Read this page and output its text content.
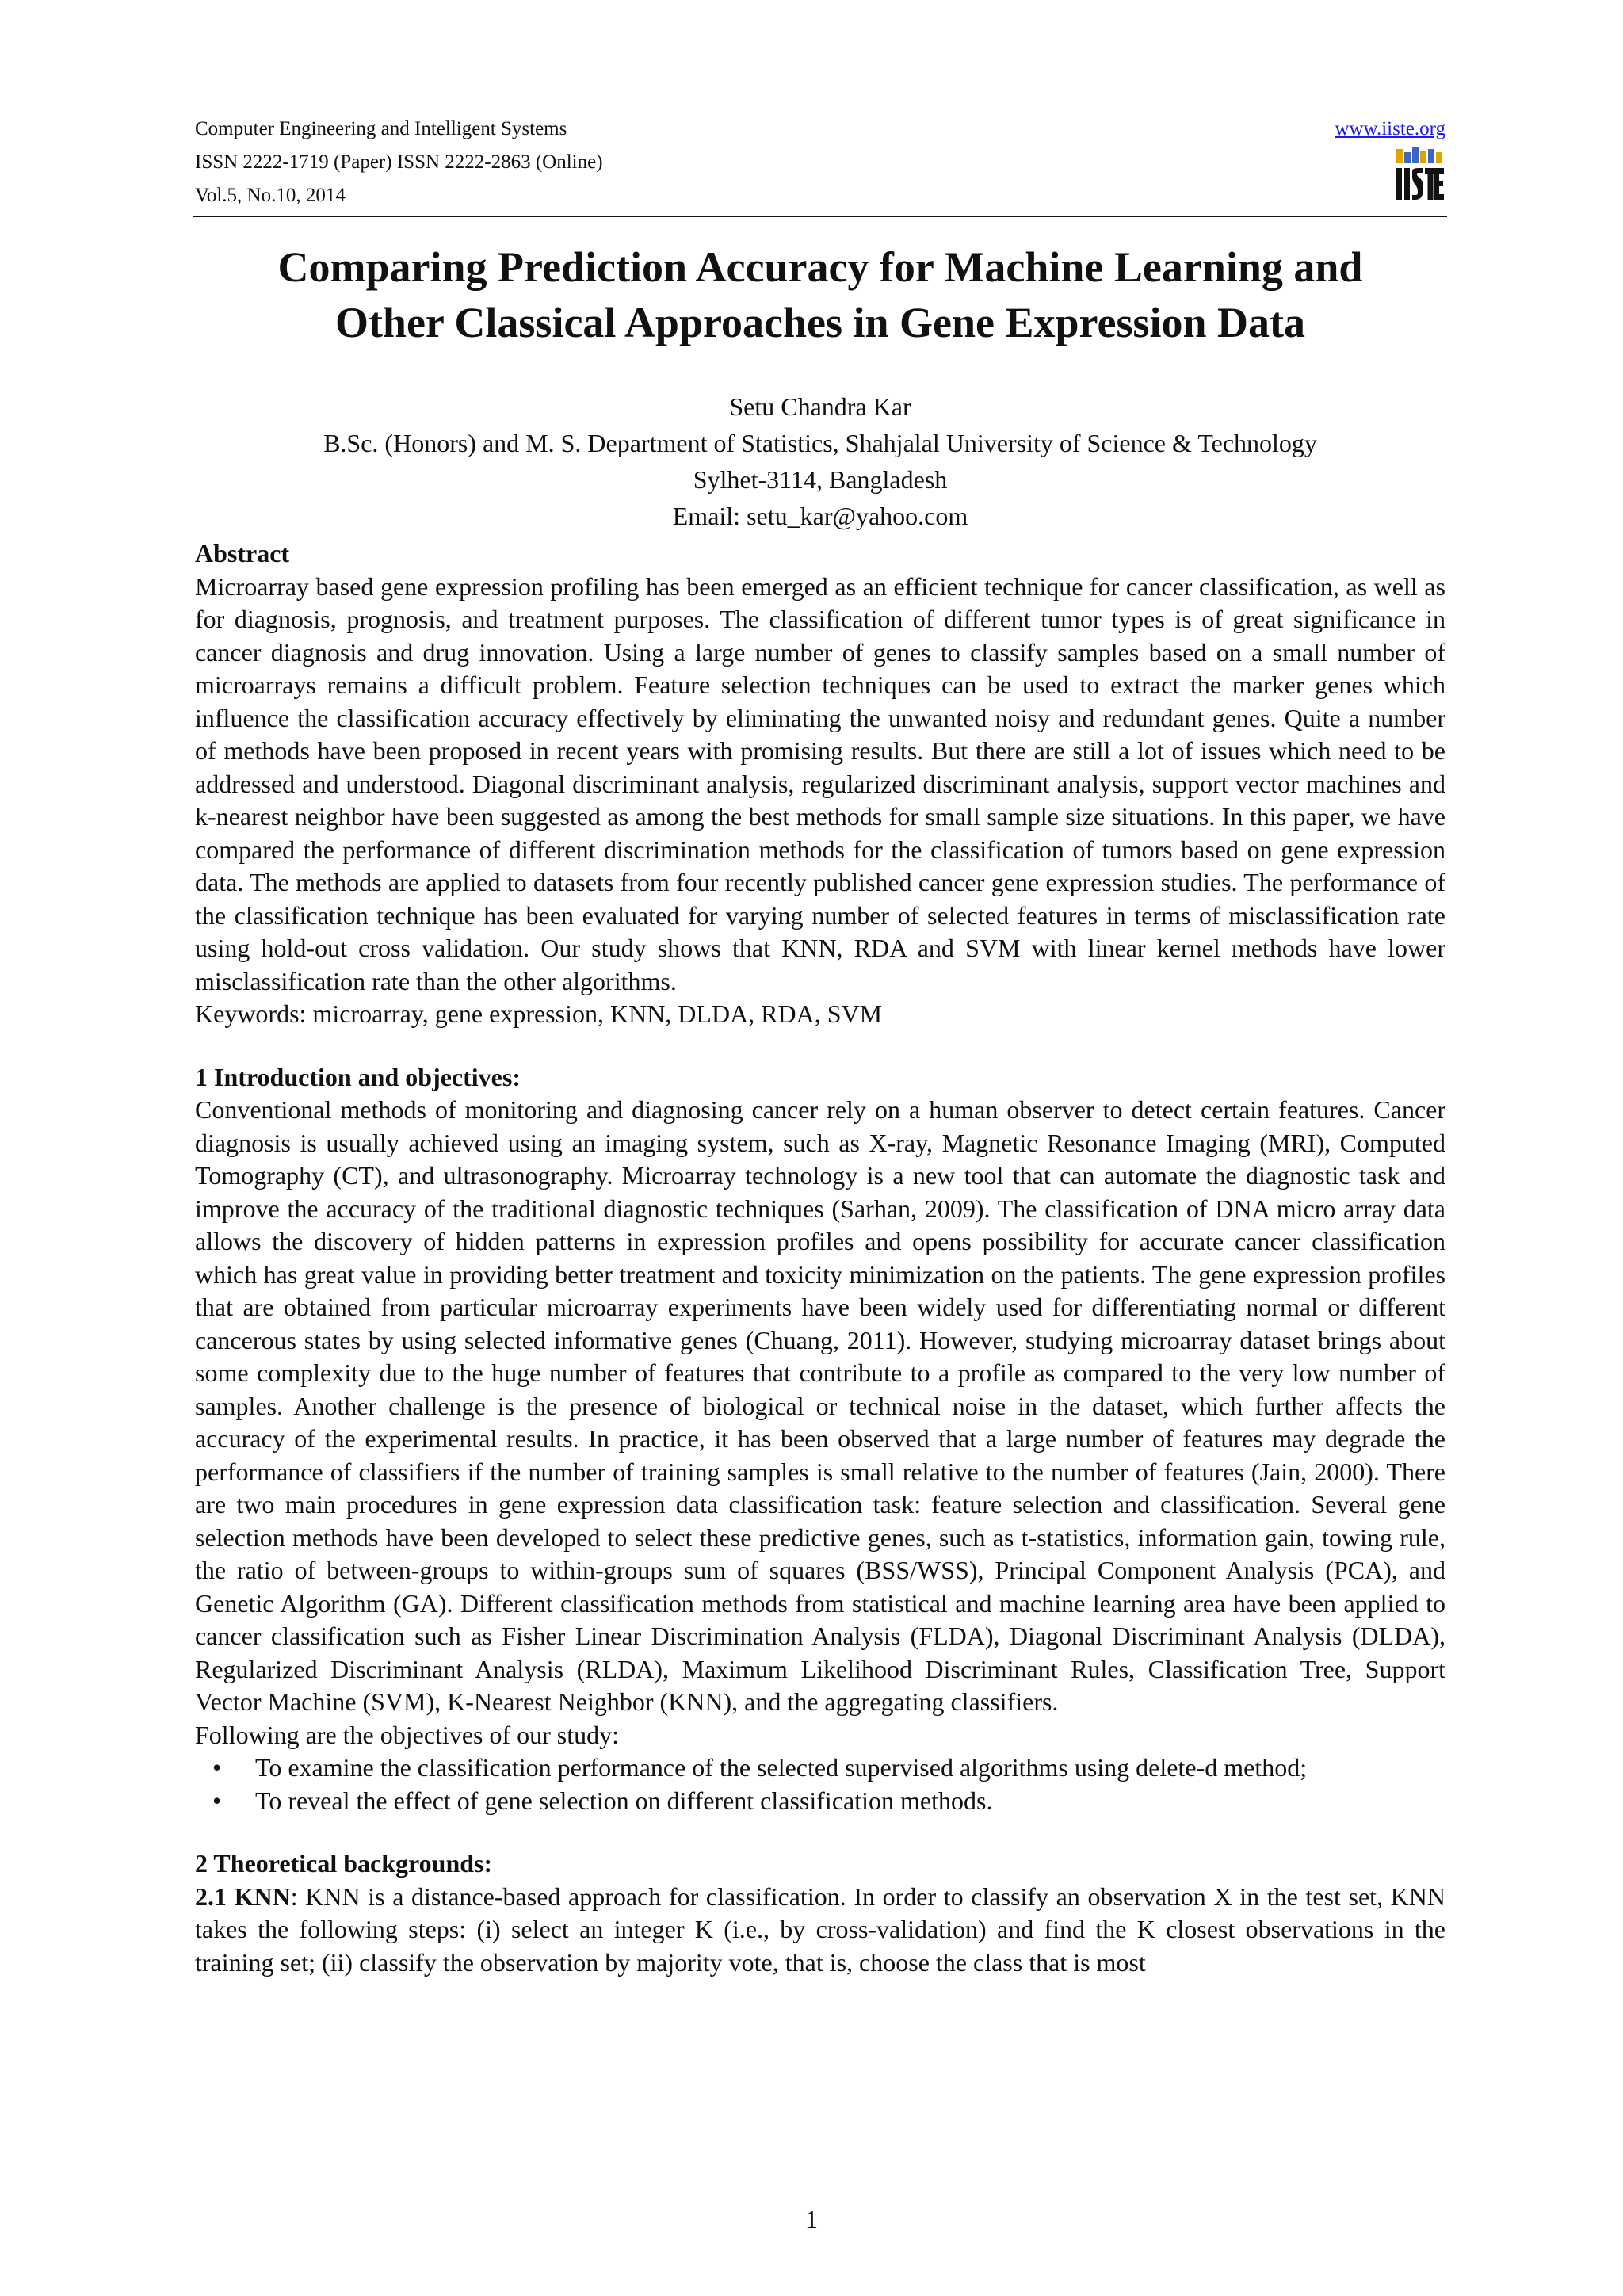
Computer Engineering and Intelligent Systems
ISSN 2222-1719 (Paper) ISSN 2222-2863 (Online)
Vol.5, No.10, 2014
www.iiste.org
Comparing Prediction Accuracy for Machine Learning and
Other Classical Approaches in Gene Expression Data
Setu Chandra Kar
B.Sc. (Honors) and M. S. Department of Statistics, Shahjalal University of Science & Technology
Sylhet-3114, Bangladesh
Email: setu_kar@yahoo.com

Abstract

Microarray based gene expression profiling has been emerged as an efficient technique for cancer classification, as well as for diagnosis, prognosis, and treatment purposes. The classification of different tumor types is of great significance in cancer diagnosis and drug innovation. Using a large number of genes to classify samples based on a small number of microarrays remains a difficult problem. Feature selection techniques can be used to extract the marker genes which influence the classification accuracy effectively by eliminating the unwanted noisy and redundant genes. Quite a number of methods have been proposed in recent years with promising results. But there are still a lot of issues which need to be addressed and understood. Diagonal discriminant analysis, regularized discriminant analysis, support vector machines and k-nearest neighbor have been suggested as among the best methods for small sample size situations. In this paper, we have compared the performance of different discrimination methods for the classification of tumors based on gene expression data. The methods are applied to datasets from four recently published cancer gene expression studies. The performance of the classification technique has been evaluated for varying number of selected features in terms of misclassification rate using hold-out cross validation. Our study shows that KNN, RDA and SVM with linear kernel methods have lower misclassification rate than the other algorithms.

Keywords: microarray, gene expression, KNN, DLDA, RDA, SVM

1 Introduction and objectives:

Conventional methods of monitoring and diagnosing cancer rely on a human observer to detect certain features. Cancer diagnosis is usually achieved using an imaging system, such as X-ray, Magnetic Resonance Imaging (MRI), Computed Tomography (CT), and ultrasonography. Microarray technology is a new tool that can automate the diagnostic task and improve the accuracy of the traditional diagnostic techniques (Sarhan, 2009). The classification of DNA micro array data allows the discovery of hidden patterns in expression profiles and opens possibility for accurate cancer classification which has great value in providing better treatment and toxicity minimization on the patients. The gene expression profiles that are obtained from particular microarray experiments have been widely used for differentiating normal or different cancerous states by using selected informative genes (Chuang, 2011). However, studying microarray dataset brings about some complexity due to the huge number of features that contribute to a profile as compared to the very low number of samples. Another challenge is the presence of biological or technical noise in the dataset, which further affects the accuracy of the experimental results. In practice, it has been observed that a large number of features may degrade the performance of classifiers if the number of training samples is small relative to the number of features (Jain, 2000). There are two main procedures in gene expression data classification task: feature selection and classification. Several gene selection methods have been developed to select these predictive genes, such as t-statistics, information gain, towing rule, the ratio of between-groups to within-groups sum of squares (BSS/WSS), Principal Component Analysis (PCA), and Genetic Algorithm (GA). Different classification methods from statistical and machine learning area have been applied to cancer classification such as Fisher Linear Discrimination Analysis (FLDA), Diagonal Discriminant Analysis (DLDA), Regularized Discriminant Analysis (RLDA), Maximum Likelihood Discriminant Rules, Classification Tree, Support Vector Machine (SVM), K-Nearest Neighbor (KNN), and the aggregating classifiers.

Following are the objectives of our study:

• To examine the classification performance of the selected supervised algorithms using delete-d method;
• To reveal the effect of gene selection on different classification methods.

2 Theoretical backgrounds:

2.1 KNN: KNN is a distance-based approach for classification. In order to classify an observation X in the test set, KNN takes the following steps: (i) select an integer K (i.e., by cross-validation) and find the K closest observations in the training set; (ii) classify the observation by majority vote, that is, choose the class that is most

1
